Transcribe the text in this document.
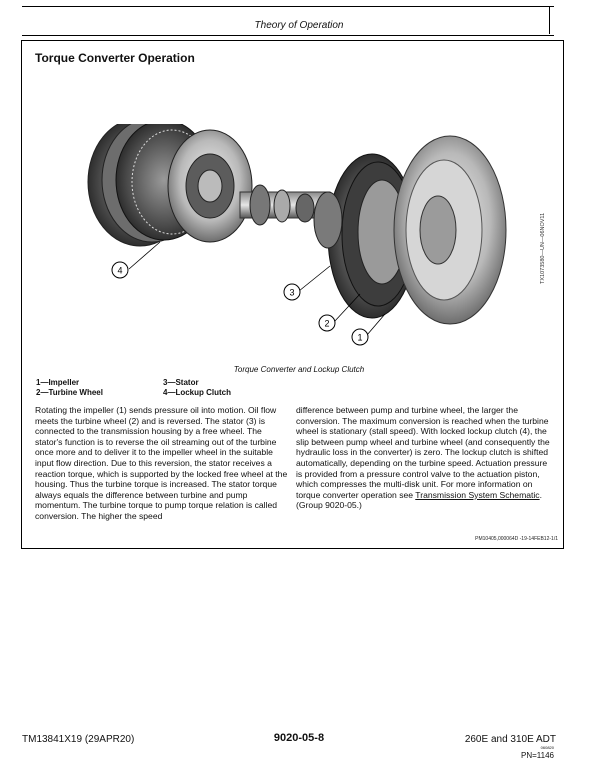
Theory of Operation
Torque Converter Operation
4
3
2
1
TX1073580—UN—06NOV11
Torque Converter and Lockup Clutch
1—Impeller
2—Turbine Wheel
3—Stator
4—Lockup Clutch
Rotating the impeller (1) sends pressure oil into motion. Oil flow meets the turbine wheel (2) and is reversed. The stator (3) is connected to the transmission housing by a free wheel. The stator's function is to reverse the oil streaming out of the turbine once more and to deliver it to the impeller wheel in the suitable input flow direction. Due to this reversion, the stator receives a reaction torque, which is supported by the locked free wheel at the housing. Thus the turbine torque is increased. The stator torque always equals the difference between turbine and pump momentum. The turbine torque to pump torque relation is called conversion. The higher the speed
difference between pump and turbine wheel, the larger the conversion. The maximum conversion is reached when the turbine wheel is stationary (stall speed). With locked lockup clutch (4), the slip between pump wheel and turbine wheel (and consequently the hydraulic loss in the converter) is zero. The lockup clutch is shifted automatically, depending on the turbine speed. Actuation pressure is provided from a pressure control valve to the actuation piston, which compresses the multi-disk unit. For more information on torque converter operation see Transmission System Schematic. (Group 9020-05.)
PM10405,000064D -19-14FEB12-1/1
TM13841X19 (29APR20)	9020-05-8	260E and 310E ADT
060820
PN=1146
